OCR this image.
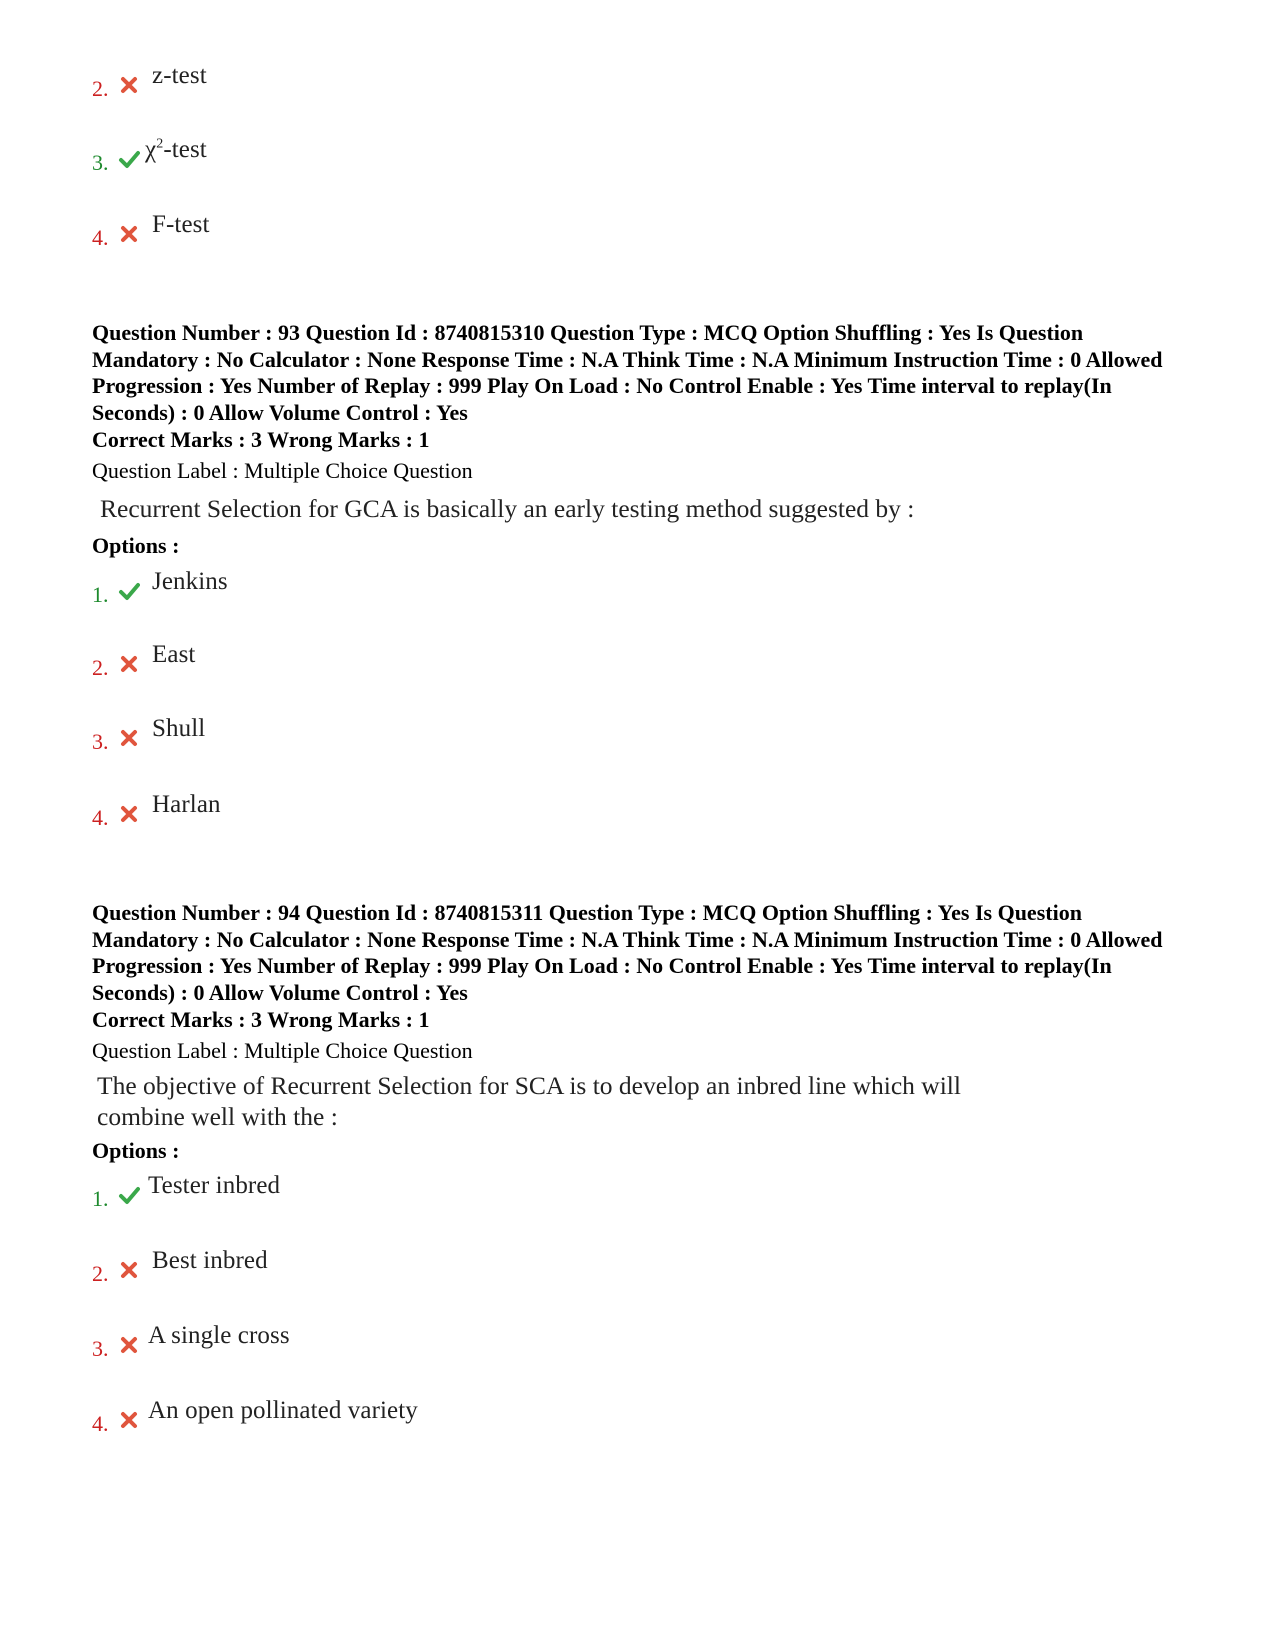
2. z-test
3. $\chi^2$-test
4. F-test
Question Number : 93 Question Id : 8740815310 Question Type : MCQ Option Shuffling : Yes Is Question Mandatory : No Calculator : None Response Time : N.A Think Time : N.A Minimum Instruction Time : 0 Allowed Progression : Yes Number of Replay : 999 Play On Load : No Control Enable : Yes Time interval to replay(In Seconds) : 0 Allow Volume Control : Yes
Correct Marks : 3 Wrong Marks : 1
Question Label : Multiple Choice Question
Recurrent Selection for GCA is basically an early testing method suggested by :
Options :
1. Jenkins
2. East
3. Shull
4. Harlan
Question Number : 94 Question Id : 8740815311 Question Type : MCQ Option Shuffling : Yes Is Question Mandatory : No Calculator : None Response Time : N.A Think Time : N.A Minimum Instruction Time : 0 Allowed Progression : Yes Number of Replay : 999 Play On Load : No Control Enable : Yes Time interval to replay(In Seconds) : 0 Allow Volume Control : Yes
Correct Marks : 3 Wrong Marks : 1
Question Label : Multiple Choice Question
The objective of Recurrent Selection for SCA is to develop an inbred line which will
combine well with the :
Options :
1. Tester inbred
2. Best inbred
3. A single cross
4. An open pollinated variety
